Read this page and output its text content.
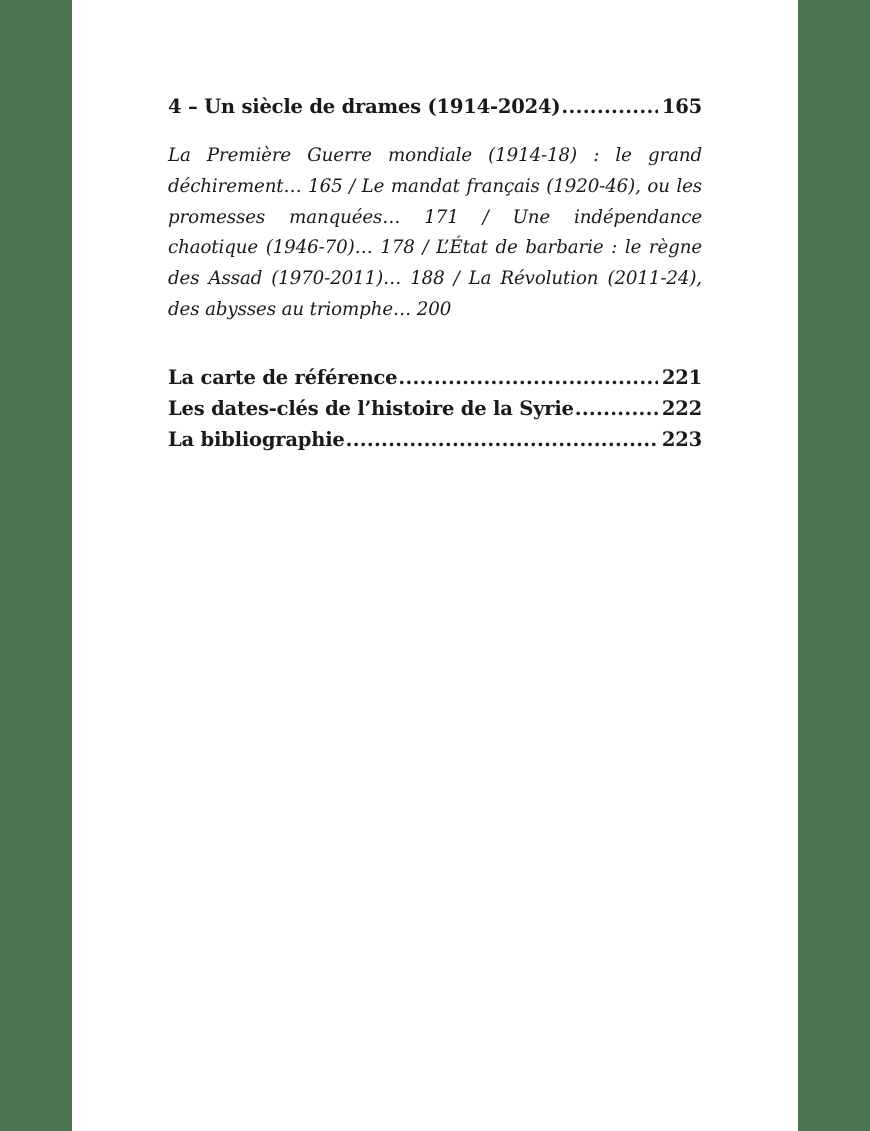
4 – Un siècle de drames (1914-2024) .....	165

La Première Guerre mondiale (1914-18) : le grand déchirement… 165 / Le mandat français (1920-46), ou les promesses manquées… 171 / Une indépendance chaotique (1946-70)… 178 / L’État de barbarie : le règne des Assad (1970-2011)… 188 / La Révolution (2011-24), des abysses au triomphe… 200

La carte de référence .....	221
Les dates-clés de l’histoire de la Syrie .....	222
La bibliographie .....	223
